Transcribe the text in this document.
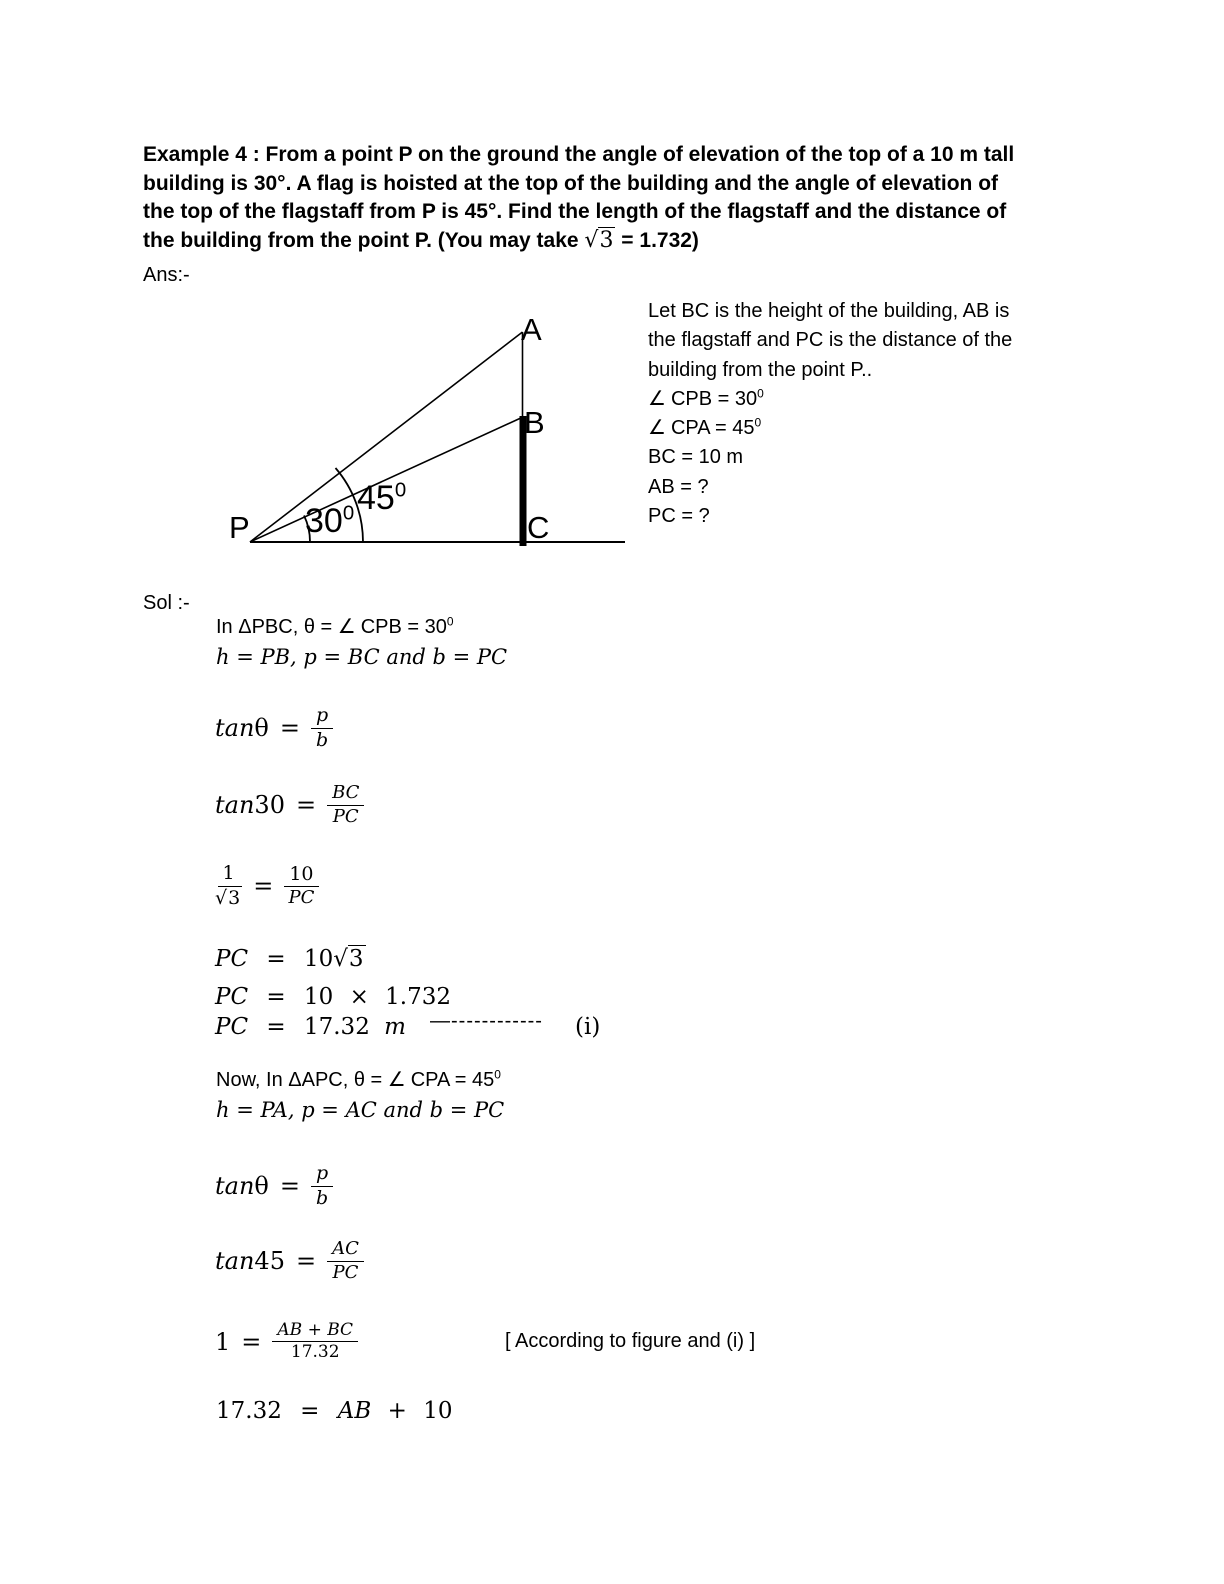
Example 4 : From a point P on the ground the angle of elevation of the top of a 10 m tall
building is 30°. A flag is hoisted at the top of the building and the angle of elevation of
the top of the flagstaff from P is 45°. Find the length of the flagstaff and the distance of
the building from the point P. (You may take √3 = 1.732)
Ans:-
A
B
C
P
$45^0$
$30^0$
Let BC is the height of the building, AB is
the flagstaff and PC is the distance of the
building from the point P..
∠ CPB = $30^0$
∠ CPA = $45^0$
BC = 10 m
AB = ?
PC = ?
Sol :-
In ΔPBC, θ = ∠ CPB = $30^0$
h = PB, p = BC and b = PC
$\tan \theta = \frac{p}{b}$
$\tan 30 = \frac{BC}{PC}$
$\frac{1}{√3} = \frac{10}{PC}$
PC = 10√3
PC = 10 × 1.732
PC = 17.32 m —------------ (i)
Now, In ΔAPC, θ = ∠ CPA = $45^0$
h = PA, p = AC and b = PC
$\tan \theta = \frac{p}{b}$
$\tan 45 = \frac{AC}{PC}$
$1 = \frac{AB + BC}{17.32}$	[ According to figure and (i) ]
17.32 = AB + 10
